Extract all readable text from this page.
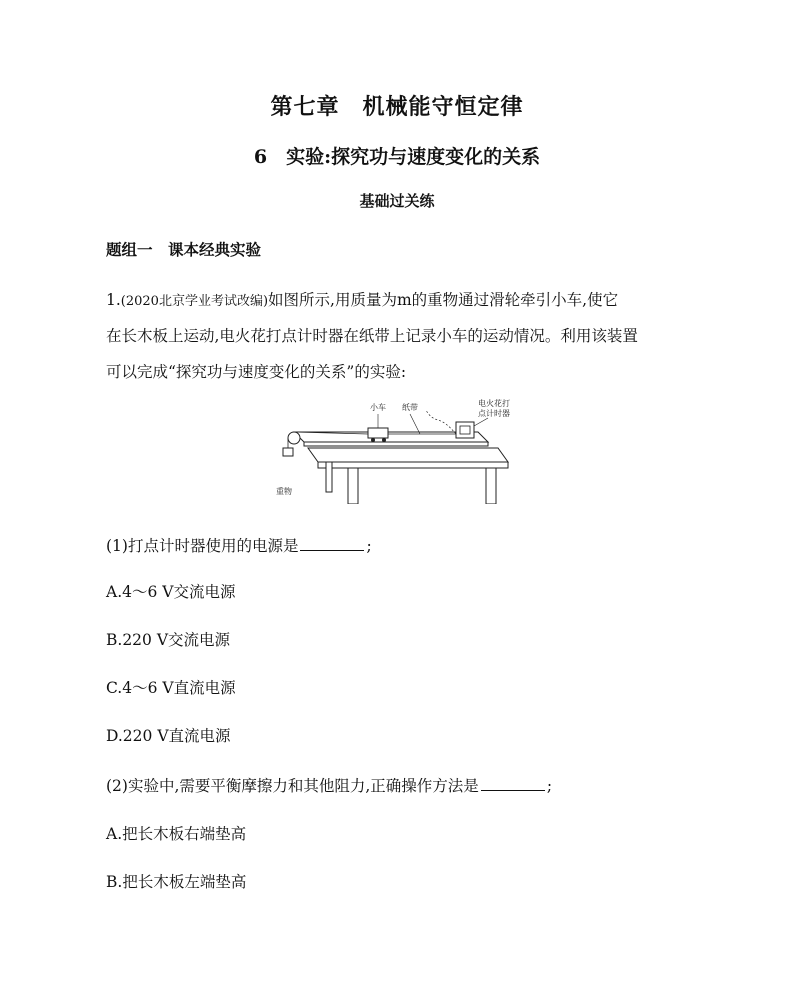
第七章　机械能守恒定律
6　实验:探究功与速度变化的关系
基础过关练
题组一　课本经典实验
1.(2020北京学业考试改编)如图所示,用质量为m的重物通过滑轮牵引小车,使它
在长木板上运动,电火花打点计时器在纸带上记录小车的运动情况。利用该装置
可以完成“探究功与速度变化的关系”的实验:
小车 纸带	电火花打
点计时器
重物
(1)打点计时器使用的电源是	;
A.4～6 V交流电源
B.220 V交流电源
C.4～6 V直流电源
D.220 V直流电源
(2)实验中,需要平衡摩擦力和其他阻力,正确操作方法是	;
A.把长木板右端垫高
B.把长木板左端垫高
